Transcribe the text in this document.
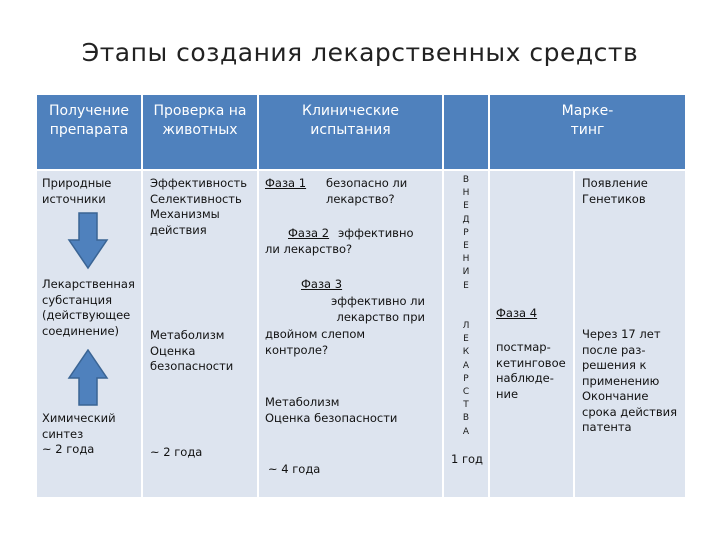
Этапы создания лекарственных средств
Получение
препарата
Проверка на
животных
Клинические
испытания
Марке-
тинг
Природные
источники
Лекарственная
субстанция
(действующее
соединение)
Химический
синтез
~ 2 года
Эффективность
Селективность
Механизмы
действия
Метаболизм
Оценка
безопасности
~ 2 года
Фаза 1 безопасно ли
лекарство?
Фаза 2 эффективно
ли лекарство?
Фаза 3
эффективно ли
лекарство при
двойном слепом
контроле?
Метаболизм
Оценка безопасности
~ 4 года
В
Н
Е
Д
Р
Е
Н
И
Е
Л
Е
К
А
Р
С
Т
В
А
1 год
Фаза 4
постмар-
кетинговое
наблюде-
ние
Появление
Генетиков
Через 17 лет
после раз-
решения к
применению
Окончание
срока действия
патента
